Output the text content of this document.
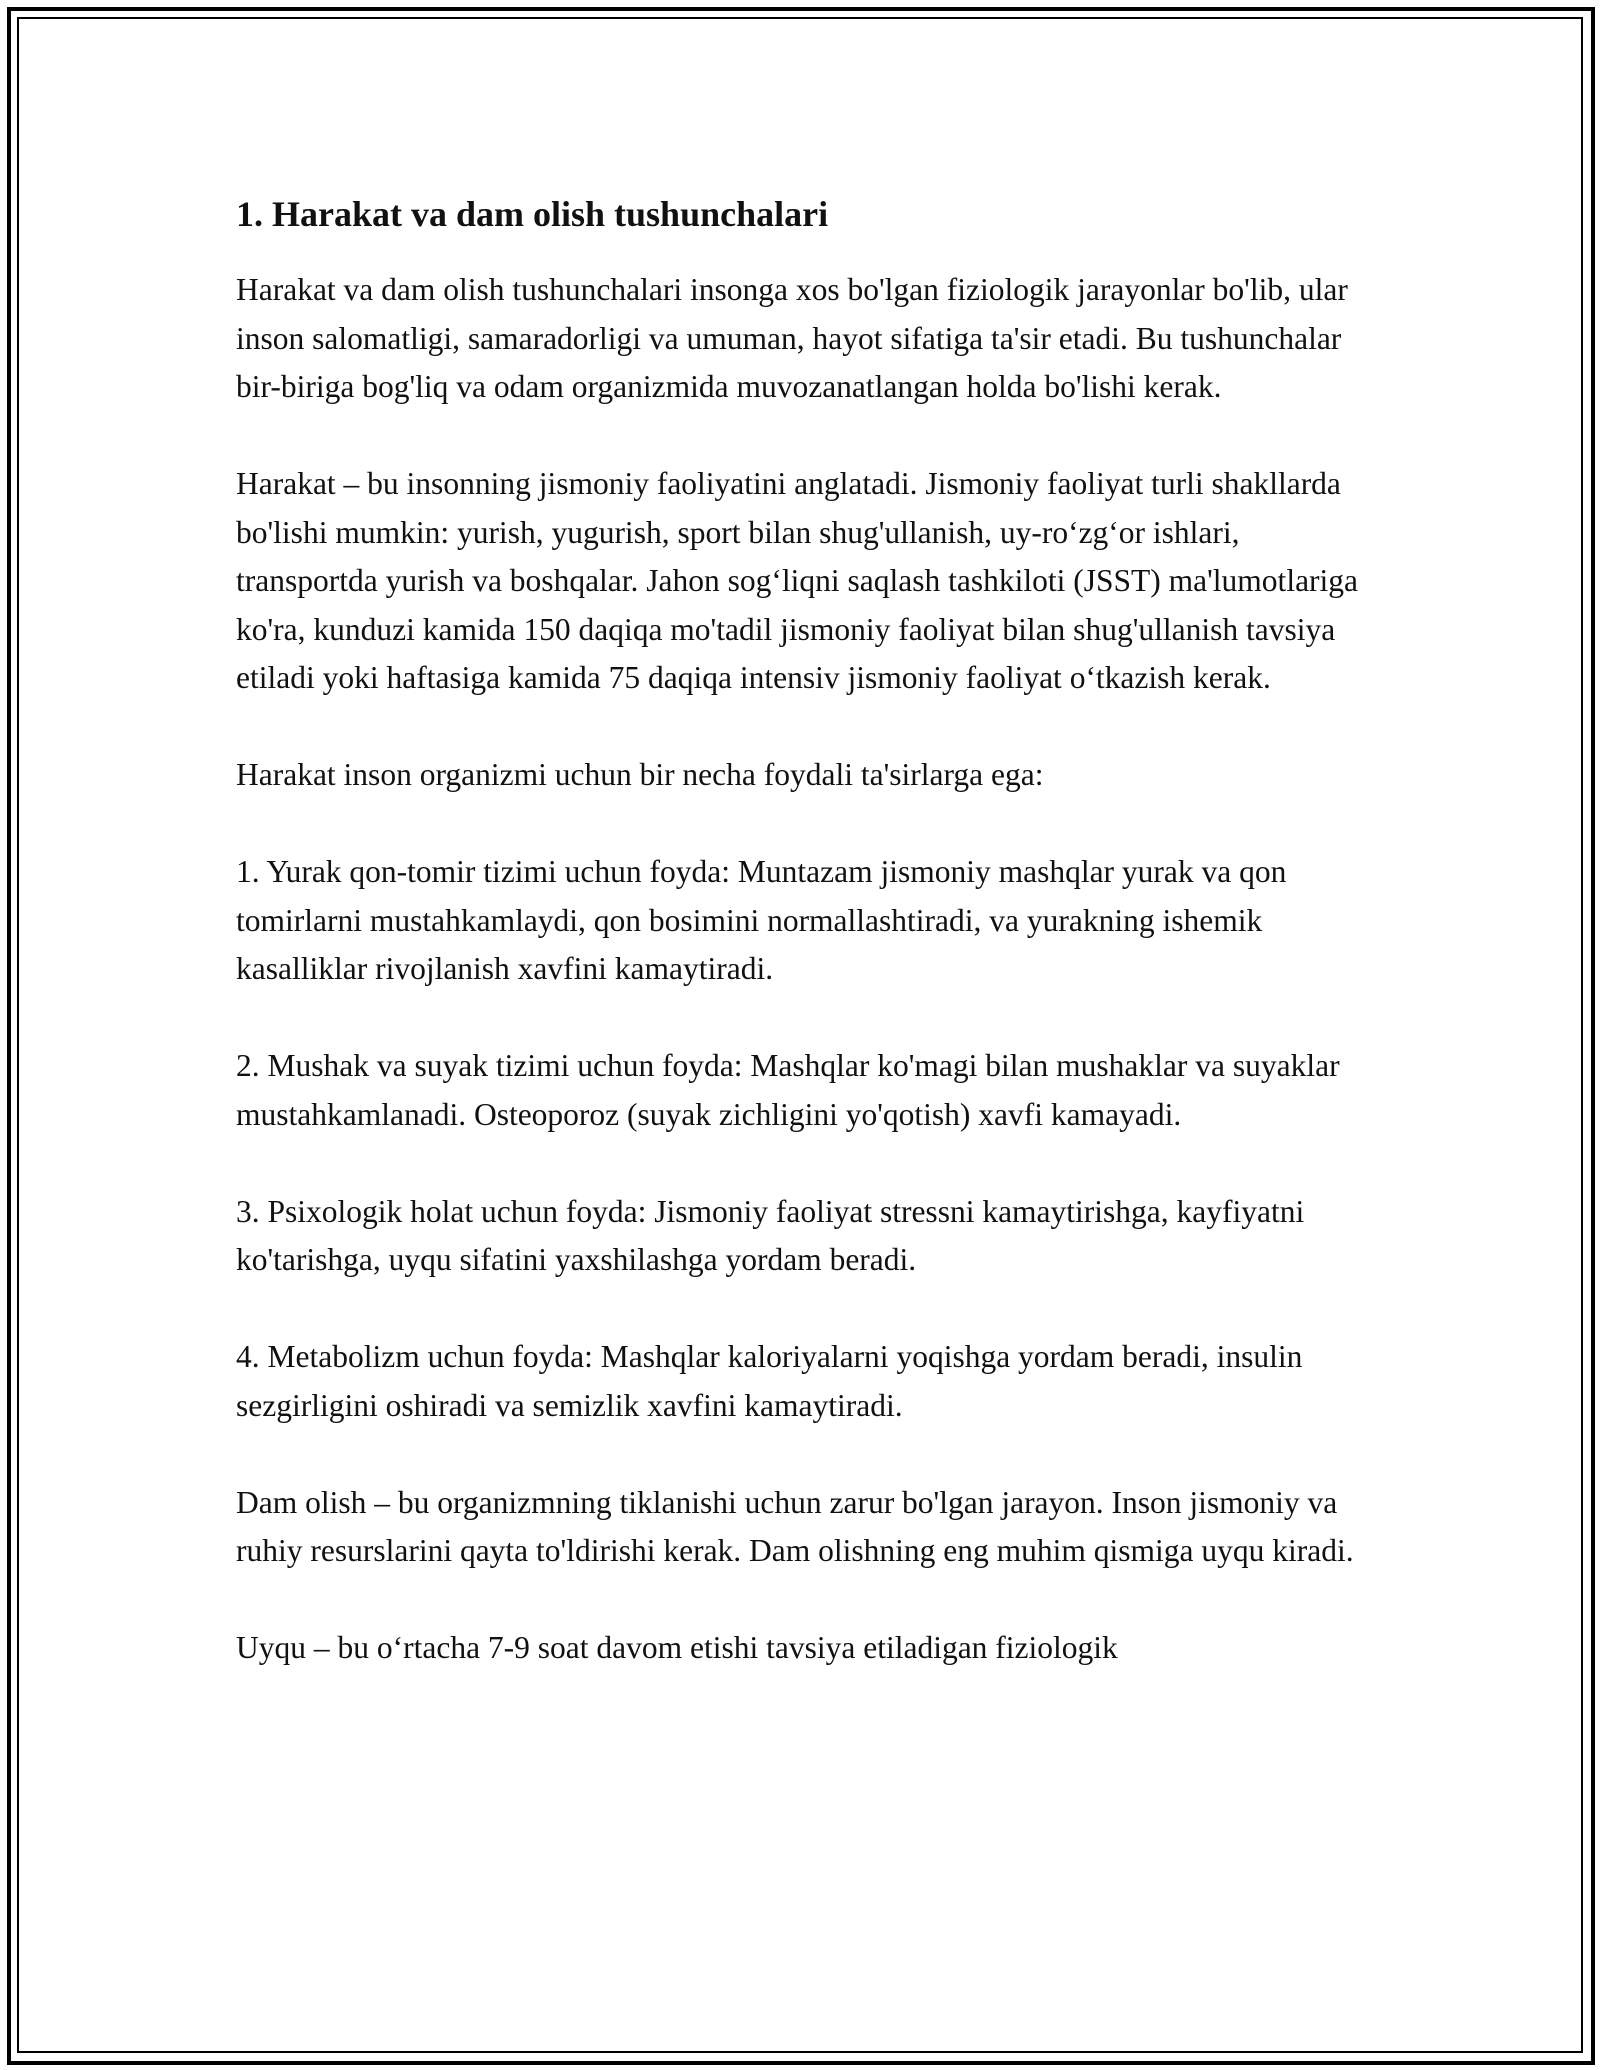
1. Harakat va dam olish tushunchalari

Harakat va dam olish tushunchalari insonga xos bo'lgan fiziologik jarayonlar bo'lib, ular inson salomatligi, samaradorligi va umuman, hayot sifatiga ta'sir etadi. Bu tushunchalar bir-biriga bog'liq va odam organizmida muvozanatlangan holda bo'lishi kerak.

Harakat – bu insonning jismoniy faoliyatini anglatadi. Jismoniy faoliyat turli shakllarda bo'lishi mumkin: yurish, yugurish, sport bilan shug'ullanish, uy-ro‘zg‘or ishlari, transportda yurish va boshqalar. Jahon sog‘liqni saqlash tashkiloti (JSST) ma'lumotlariga ko'ra, kunduzi kamida 150 daqiqa mo'tadil jismoniy faoliyat bilan shug'ullanish tavsiya etiladi yoki haftasiga kamida 75 daqiqa intensiv jismoniy faoliyat o‘tkazish kerak.

Harakat inson organizmi uchun bir necha foydali ta'sirlarga ega:

1. Yurak qon-tomir tizimi uchun foyda: Muntazam jismoniy mashqlar yurak va qon tomirlarni mustahkamlaydi, qon bosimini normallashtiradi, va yurakning ishemik kasalliklar rivojlanish xavfini kamaytiradi.

2. Mushak va suyak tizimi uchun foyda: Mashqlar ko'magi bilan mushaklar va suyaklar mustahkamlanadi. Osteoporoz (suyak zichligini yo'qotish) xavfi kamayadi.

3. Psixologik holat uchun foyda: Jismoniy faoliyat stressni kamaytirishga, kayfiyatni ko'tarishga, uyqu sifatini yaxshilashga yordam beradi.

4. Metabolizm uchun foyda: Mashqlar kaloriyalarni yoqishga yordam beradi, insulin sezgirligini oshiradi va semizlik xavfini kamaytiradi.

Dam olish – bu organizmning tiklanishi uchun zarur bo'lgan jarayon. Inson jismoniy va ruhiy resurslarini qayta to'ldirishi kerak. Dam olishning eng muhim qismiga uyqu kiradi.

Uyqu – bu o‘rtacha 7-9 soat davom etishi tavsiya etiladigan fiziologik
